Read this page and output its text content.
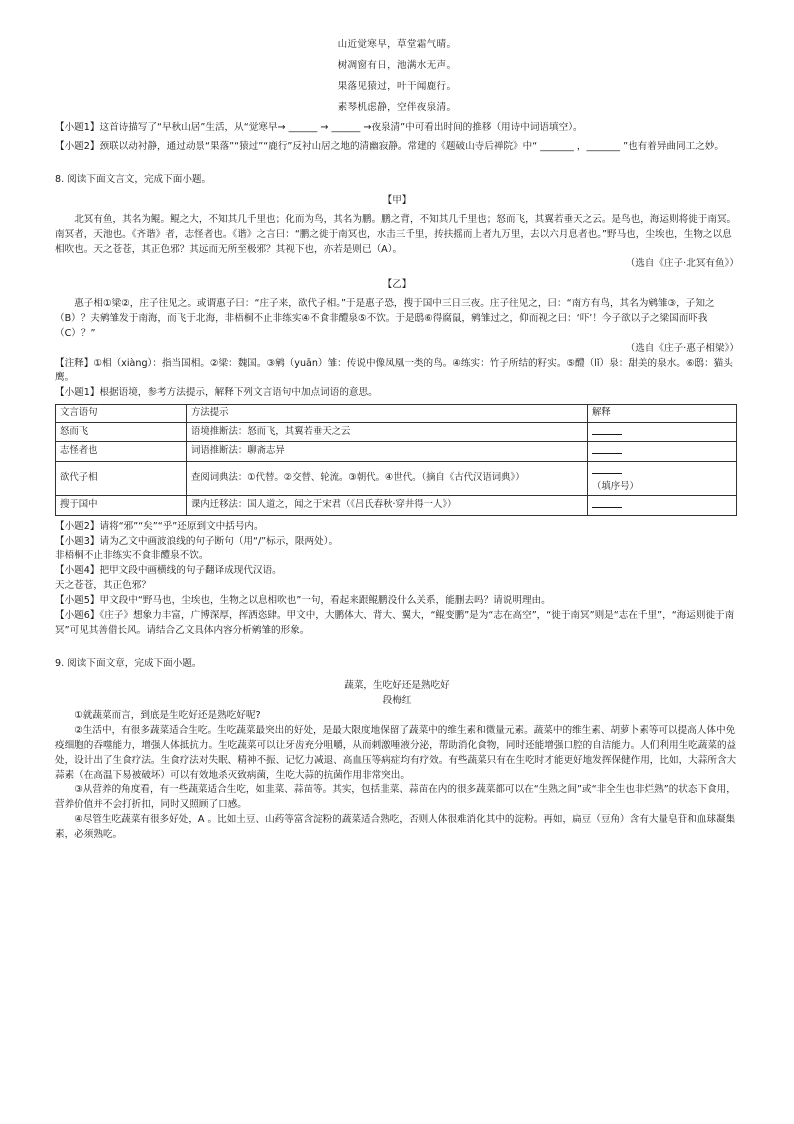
山近觉寒早，草堂霜气晴。

树凋窗有日，池满水无声。

果落见猿过，叶干闻鹿行。

素琴机虑静，空伴夜泉清。

【小题1】这首诗描写了“早秋山居”生活，从“觉寒早→ ______ → ______ →夜泉清”中可看出时间的推移（用诗中词语填空）。

【小题2】颈联以动衬静，通过动景“果落”“猿过”“鹿行”反衬山居之地的清幽寂静。常建的《题破山寺后禅院》中“ _______ ，_______ ”也有着异曲同工之妙。

8. 阅读下面文言文，完成下面小题。

【甲】

北冥有鱼，其名为鲲。鲲之大，不知其几千里也；化而为鸟，其名为鹏。鹏之背，不知其几千里也；怒而飞，其翼若垂天之云。是鸟也，海运则将徙于南冥。南冥者，天池也。《齐谐》者，志怪者也。《谐》之言曰：“鹏之徙于南冥也，水击三千里，抟扶摇而上者九万里，去以六月息者也。”野马也，尘埃也，生物之以息相吹也。天之苍苍，其正色邪？其远而无所至极邪？其视下也，亦若是则已（A）。

（选自《庄子·北冥有鱼》）

【乙】

惠子相①梁②，庄子往见之。或谓惠子曰：“庄子来，欲代子相。”于是惠子恐，搜于国中三日三夜。庄子往见之，曰：“南方有鸟，其名为鹓雏③，子知之（B）？夫鹓雏发于南海，而飞于北海，非梧桐不止非练实④不食非醴泉⑤不饮。于是鸱⑥得腐鼠，鹓雏过之，仰而视之曰：‘吓’！今子欲以子之梁国而吓我（C）？”

（选自《庄子·惠子相梁》）

【注释】①相（xiàng）：指当国相。②梁：魏国。③鹓（yuān）雏：传说中像凤凰一类的鸟。④练实：竹子所结的籽实。⑤醴（lǐ）泉：甜美的泉水。⑥鸱：猫头鹰。

【小题1】根据语境，参考方法提示，解释下列文言语句中加点词语的意思。

文言语句	方法提示	解释
怒而飞	语境推断法：怒而飞，其翼若垂天之云	
志怪者也	词语推断法：聊斋志异	
欲代子相	查阅词典法：①代替。②交替、轮流。③朝代。④世代。（摘自《古代汉语词典》）	（填序号）
搜于国中	课内迁移法：国人道之，闻之于宋君（《吕氏春秋·穿井得一人》）	

【小题2】请将“邪”“矣”“乎”还原到文中括号内。

【小题3】请为乙文中画波浪线的句子断句（用“/”标示，限两处）。

非梧桐不止非练实不食非醴泉不饮。

【小题4】把甲文段中画横线的句子翻译成现代汉语。

天之苍苍，其正色邪？

【小题5】甲文段中“野马也，尘埃也，生物之以息相吹也”一句，看起来跟鲲鹏没什么关系，能删去吗？请说明理由。

【小题6】《庄子》想象力丰富，广博深厚，挥洒恣肆。甲文中，大鹏体大、背大、翼大，“鲲变鹏”是为“志在高空”，“徙于南冥”则是“志在千里”，“海运则徙于南冥”可见其善借长风。请结合乙文具体内容分析鹓雏的形象。

9. 阅读下面文章，完成下面小题。

蔬菜，生吃好还是熟吃好

段梅红

①就蔬菜而言，到底是生吃好还是熟吃好呢?

②生活中，有很多蔬菜适合生吃。生吃蔬菜最突出的好处，是最大限度地保留了蔬菜中的维生素和微量元素。蔬菜中的维生素、胡萝卜素等可以提高人体中免疫细胞的吞噬能力，增强人体抵抗力。生吃蔬菜可以让牙齿充分咀嚼，从而刺激唾液分泌，帮助消化食物，同时还能增强口腔的自洁能力。人们利用生吃蔬菜的益处，设计出了生食疗法。生食疗法对失眠、精神不振、记忆力减退、高血压等病症均有疗效。有些蔬菜只有在生吃时才能更好地发挥保健作用，比如，大蒜所含大蒜素（在高温下易被破坏）可以有效地杀灭致病菌，生吃大蒜的抗菌作用非常突出。

③从营养的角度看，有一些蔬菜适合生吃，如韭菜、蒜苗等。其实，包括韭菜、蒜苗在内的很多蔬菜都可以在“生熟之间”或“非全生也非烂熟”的状态下食用，营养价值并不会打折扣，同时又照顾了口感。

④尽管生吃蔬菜有很多好处，A 。比如土豆、山药等富含淀粉的蔬菜适合熟吃，否则人体很难消化其中的淀粉。再如，扁豆（豆角）含有大量皂苷和血球凝集素，必须熟吃。
